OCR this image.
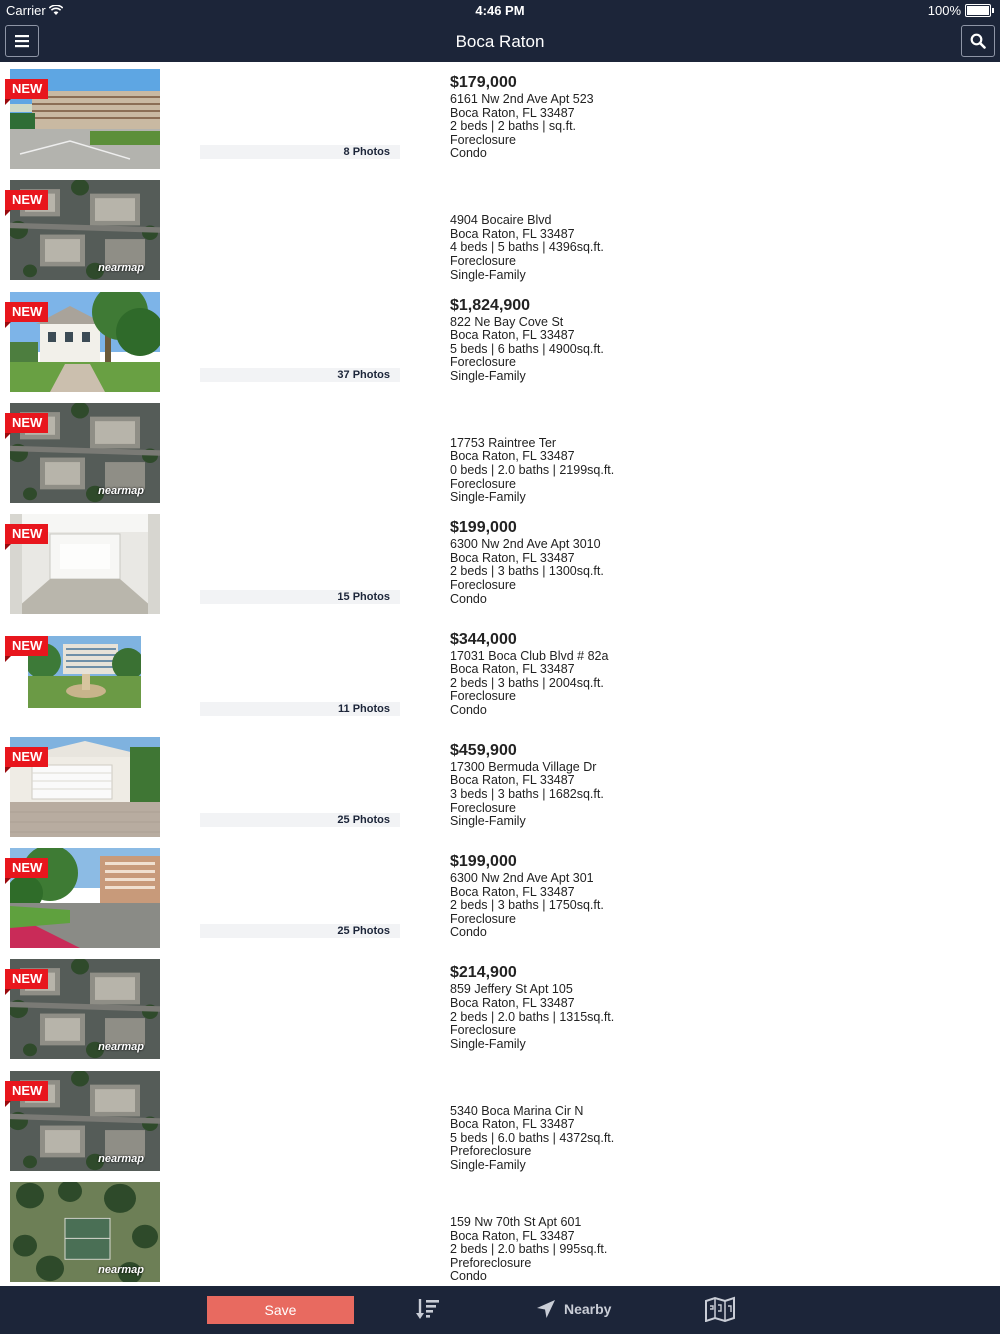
Carrier	4:46 PM	100%
Boca Raton
NEW
8 Photos
$179,000
6161 Nw 2nd Ave Apt 523
Boca Raton, FL 33487
2 beds | 2 baths | sq.ft.
Foreclosure
Condo
nearmap
NEW
4904 Bocaire Blvd
Boca Raton, FL 33487
4 beds | 5 baths | 4396sq.ft.
Foreclosure
Single-Family
NEW
37 Photos
$1,824,900
822 Ne Bay Cove St
Boca Raton, FL 33487
5 beds | 6 baths | 4900sq.ft.
Foreclosure
Single-Family
nearmap
NEW
17753 Raintree Ter
Boca Raton, FL 33487
0 beds | 2.0 baths | 2199sq.ft.
Foreclosure
Single-Family
NEW
15 Photos
$199,000
6300 Nw 2nd Ave Apt 3010
Boca Raton, FL 33487
2 beds | 3 baths | 1300sq.ft.
Foreclosure
Condo
NEW
11 Photos
$344,000
17031 Boca Club Blvd # 82a
Boca Raton, FL 33487
2 beds | 3 baths | 2004sq.ft.
Foreclosure
Condo
NEW
25 Photos
$459,900
17300 Bermuda Village Dr
Boca Raton, FL 33487
3 beds | 3 baths | 1682sq.ft.
Foreclosure
Single-Family
NEW
25 Photos
$199,000
6300 Nw 2nd Ave Apt 301
Boca Raton, FL 33487
2 beds | 3 baths | 1750sq.ft.
Foreclosure
Condo
nearmap
NEW	$214,900
859 Jeffery St Apt 105
Boca Raton, FL 33487
2 beds | 2.0 baths | 1315sq.ft.
Foreclosure
Single-Family
nearmap
NEW
5340 Boca Marina Cir N
Boca Raton, FL 33487
5 beds | 6.0 baths | 4372sq.ft.
Preforeclosure
Single-Family
nearmap
159 Nw 70th St Apt 601
Boca Raton, FL 33487
2 beds | 2.0 baths | 995sq.ft.
Preforeclosure
Condo
Save	Nearby
